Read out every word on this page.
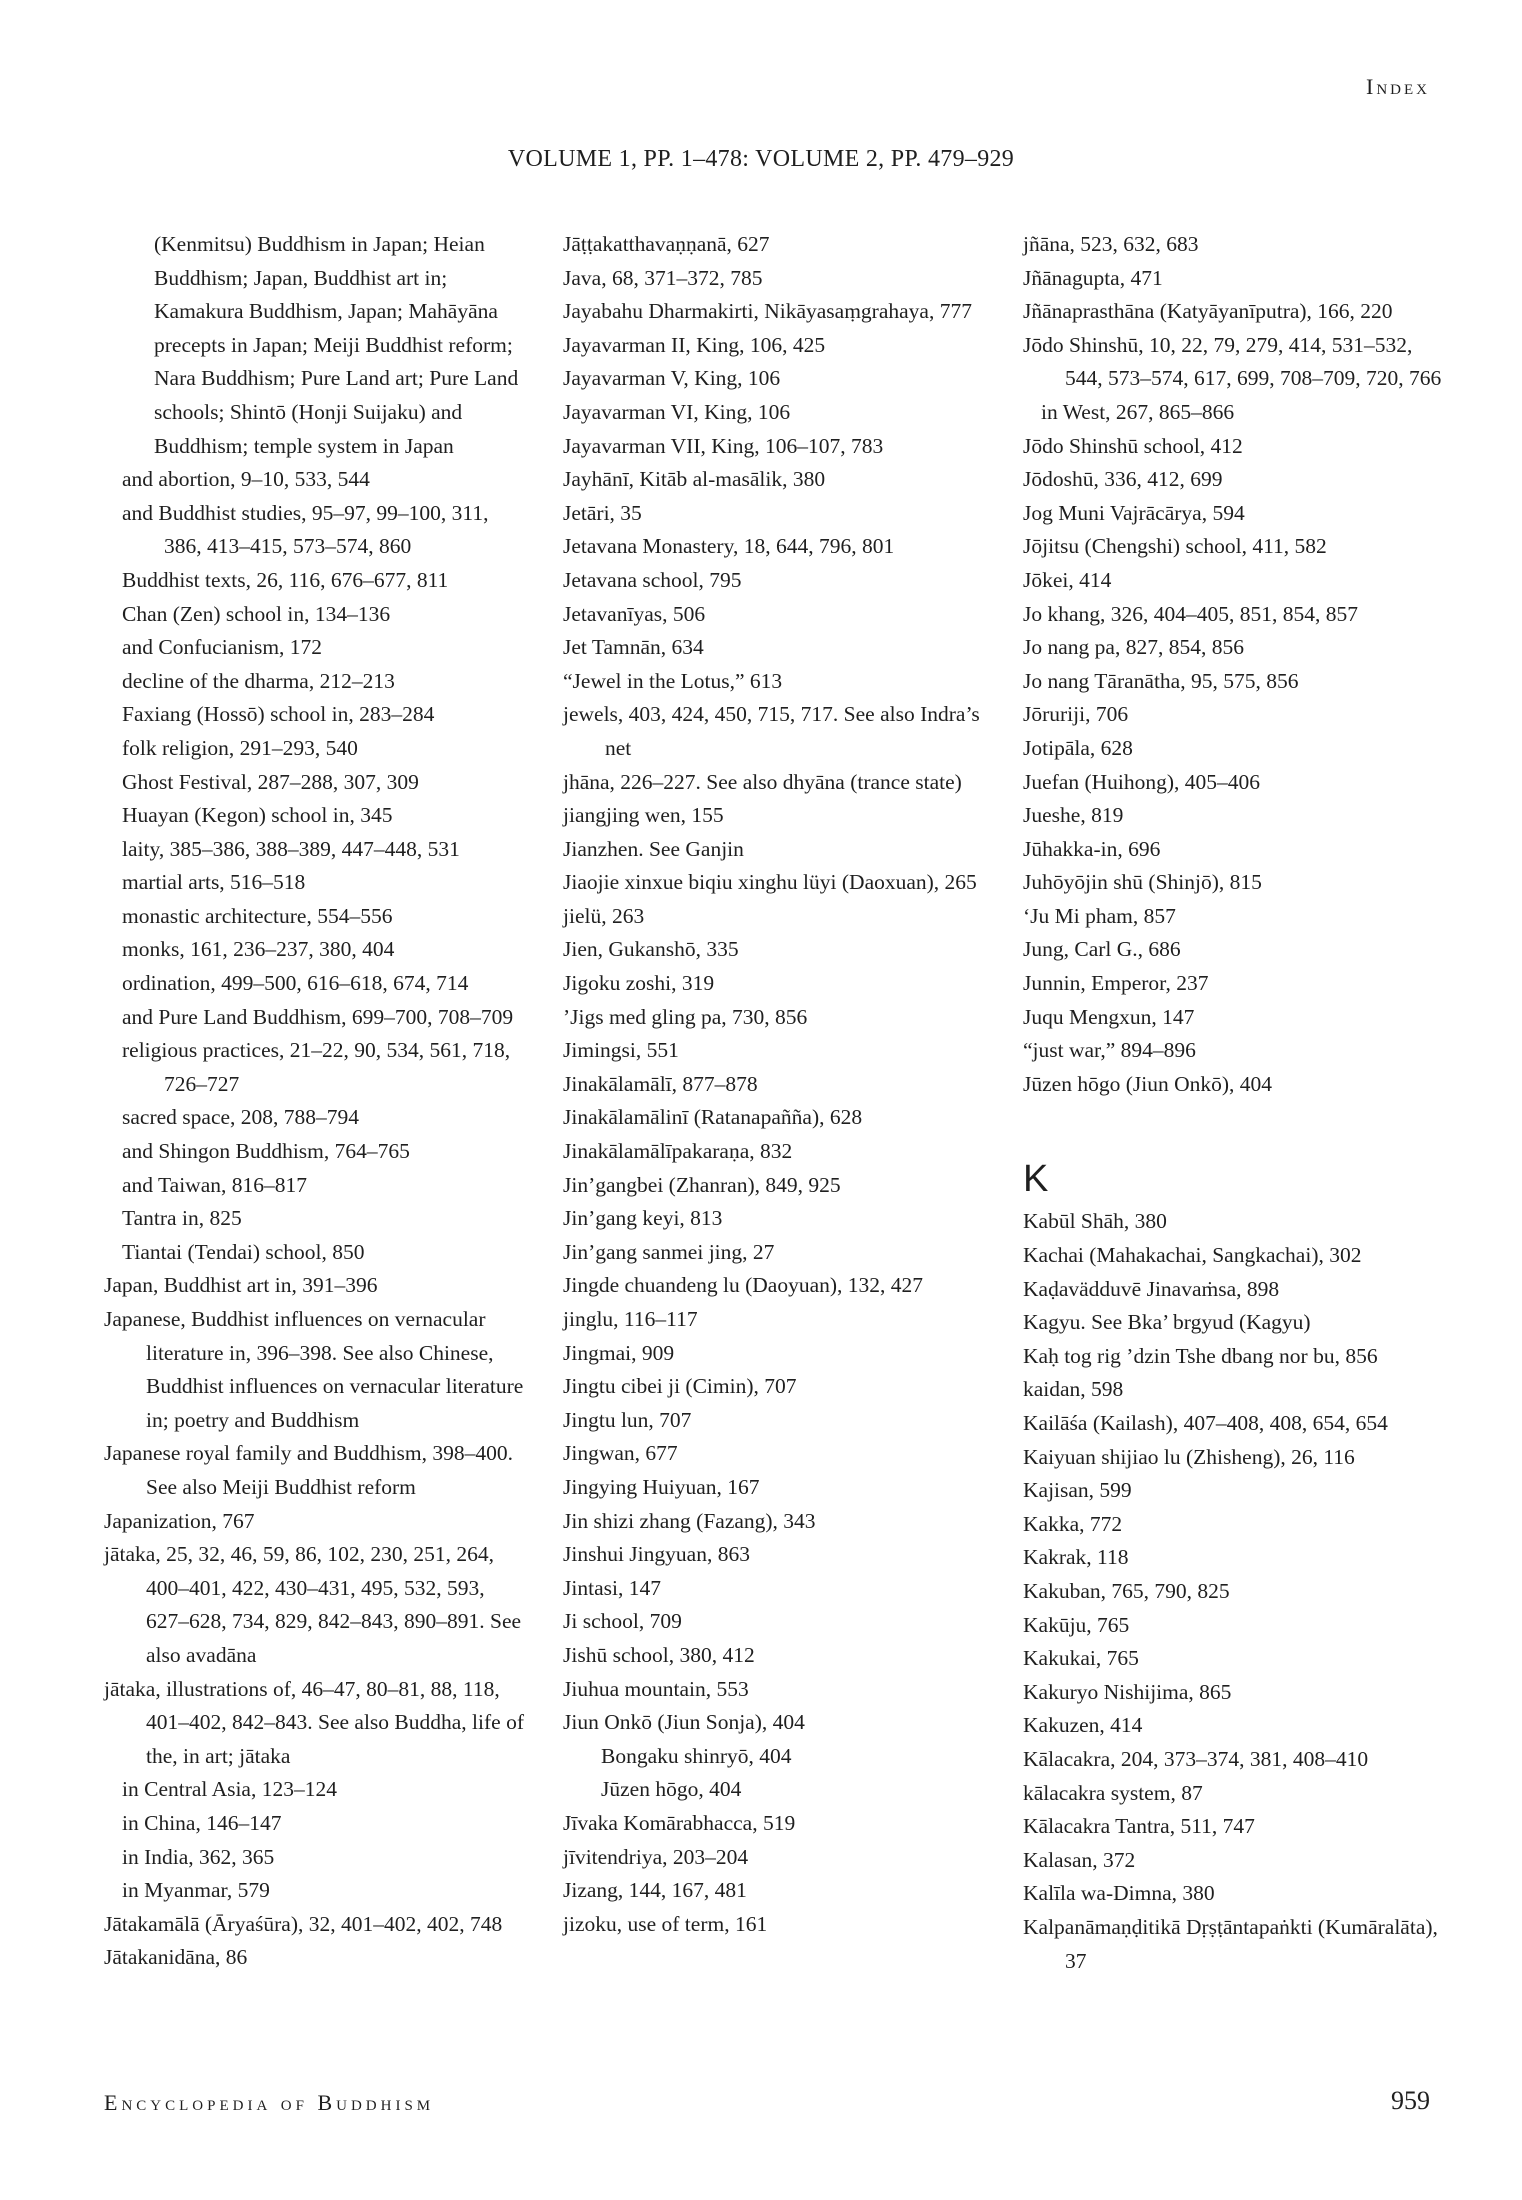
Index
VOLUME 1, PP. 1–478: VOLUME 2, PP. 479–929
(Kenmitsu) Buddhism in Japan; Heian Buddhism; Japan, Buddhist art in; Kamakura Buddhism, Japan; Mahāyāna precepts in Japan; Meiji Buddhist reform; Nara Buddhism; Pure Land art; Pure Land schools; Shintō (Honji Suijaku) and Buddhism; temple system in Japan
and abortion, 9–10, 533, 544
and Buddhist studies, 95–97, 99–100, 311, 386, 413–415, 573–574, 860
Buddhist texts, 26, 116, 676–677, 811
Chan (Zen) school in, 134–136
and Confucianism, 172
decline of the dharma, 212–213
Faxiang (Hossō) school in, 283–284
folk religion, 291–293, 540
Ghost Festival, 287–288, 307, 309
Huayan (Kegon) school in, 345
laity, 385–386, 388–389, 447–448, 531
martial arts, 516–518
monastic architecture, 554–556
monks, 161, 236–237, 380, 404
ordination, 499–500, 616–618, 674, 714
and Pure Land Buddhism, 699–700, 708–709
religious practices, 21–22, 90, 534, 561, 718, 726–727
sacred space, 208, 788–794
and Shingon Buddhism, 764–765
and Taiwan, 816–817
Tantra in, 825
Tiantai (Tendai) school, 850
Japan, Buddhist art in, 391–396
Japanese, Buddhist influences on vernacular literature in, 396–398. See also Chinese, Buddhist influences on vernacular literature in; poetry and Buddhism
Japanese royal family and Buddhism, 398–400. See also Meiji Buddhist reform
Japanization, 767
jātaka, 25, 32, 46, 59, 86, 102, 230, 251, 264, 400–401, 422, 430–431, 495, 532, 593, 627–628, 734, 829, 842–843, 890–891. See also avadāna
jātaka, illustrations of, 46–47, 80–81, 88, 118, 401–402, 842–843. See also Buddha, life of the, in art; jātaka
in Central Asia, 123–124
in China, 146–147
in India, 362, 365
in Myanmar, 579
Jātakamālā (Āryaśūra), 32, 401–402, 402, 748
Jātakanidāna, 86
Jāṭṭakatthavaṇṇanā, 627
Java, 68, 371–372, 785
Jayabahu Dharmakirti, Nikāyasaṃgrahaya, 777
Jayavarman II, King, 106, 425
Jayavarman V, King, 106
Jayavarman VI, King, 106
Jayavarman VII, King, 106–107, 783
Jayhānī, Kitāb al-masālik, 380
Jetāri, 35
Jetavana Monastery, 18, 644, 796, 801
Jetavana school, 795
Jetavanīyas, 506
Jet Tamnān, 634
“Jewel in the Lotus,” 613
jewels, 403, 424, 450, 715, 717. See also Indra’s net
jhāna, 226–227. See also dhyāna (trance state)
jiangjing wen, 155
Jianzhen. See Ganjin
Jiaojie xinxue biqiu xinghu lüyi (Daoxuan), 265
jielü, 263
Jien, Gukanshō, 335
Jigoku zoshi, 319
’Jigs med gling pa, 730, 856
Jimingsi, 551
Jinakālamālī, 877–878
Jinakālamālinī (Ratanapañña), 628
Jinakālamālīpakaraṇa, 832
Jin’gangbei (Zhanran), 849, 925
Jin’gang keyi, 813
Jin’gang sanmei jing, 27
Jingde chuandeng lu (Daoyuan), 132, 427
jinglu, 116–117
Jingmai, 909
Jingtu cibei ji (Cimin), 707
Jingtu lun, 707
Jingwan, 677
Jingying Huiyuan, 167
Jin shizi zhang (Fazang), 343
Jinshui Jingyuan, 863
Jintasi, 147
Ji school, 709
Jishū school, 380, 412
Jiuhua mountain, 553
Jiun Onkō (Jiun Sonja), 404
Bongaku shinryō, 404
Jūzen hōgo, 404
Jīvaka Komārabhacca, 519
jīvitendriya, 203–204
Jizang, 144, 167, 481
jizoku, use of term, 161
jñāna, 523, 632, 683
Jñānagupta, 471
Jñānaprasthāna (Katyāyanīputra), 166, 220
Jōdo Shinshū, 10, 22, 79, 279, 414, 531–532, 544, 573–574, 617, 699, 708–709, 720, 766
in West, 267, 865–866
Jōdo Shinshū school, 412
Jōdoshū, 336, 412, 699
Jog Muni Vajrācārya, 594
Jōjitsu (Chengshi) school, 411, 582
Jōkei, 414
Jo khang, 326, 404–405, 851, 854, 857
Jo nang pa, 827, 854, 856
Jo nang Tāranātha, 95, 575, 856
Jōruriji, 706
Jotipāla, 628
Juefan (Huihong), 405–406
Jueshe, 819
Jūhakka-in, 696
Juhōyōjin shū (Shinjō), 815
‘Ju Mi pham, 857
Jung, Carl G., 686
Junnin, Emperor, 237
Juqu Mengxun, 147
“just war,” 894–896
Jūzen hōgo (Jiun Onkō), 404
K
Kabūl Shāh, 380
Kachai (Mahakachai, Sangkachai), 302
Kaḍavädduvē Jinavaṁsa, 898
Kagyu. See Bka’ brgyud (Kagyu)
Kaḥ tog rig ’dzin Tshe dbang nor bu, 856
kaidan, 598
Kailāśa (Kailash), 407–408, 408, 654, 654
Kaiyuan shijiao lu (Zhisheng), 26, 116
Kajisan, 599
Kakka, 772
Kakrak, 118
Kakuban, 765, 790, 825
Kakūju, 765
Kakukai, 765
Kakuryo Nishijima, 865
Kakuzen, 414
Kālacakra, 204, 373–374, 381, 408–410
kālacakra system, 87
Kālacakra Tantra, 511, 747
Kalasan, 372
Kalīla wa-Dimna, 380
Kalpanāmaṇḍitikā Dṛṣṭāntapaṅkti (Kumāralāta), 37
Encyclopedia of Buddhism	959
